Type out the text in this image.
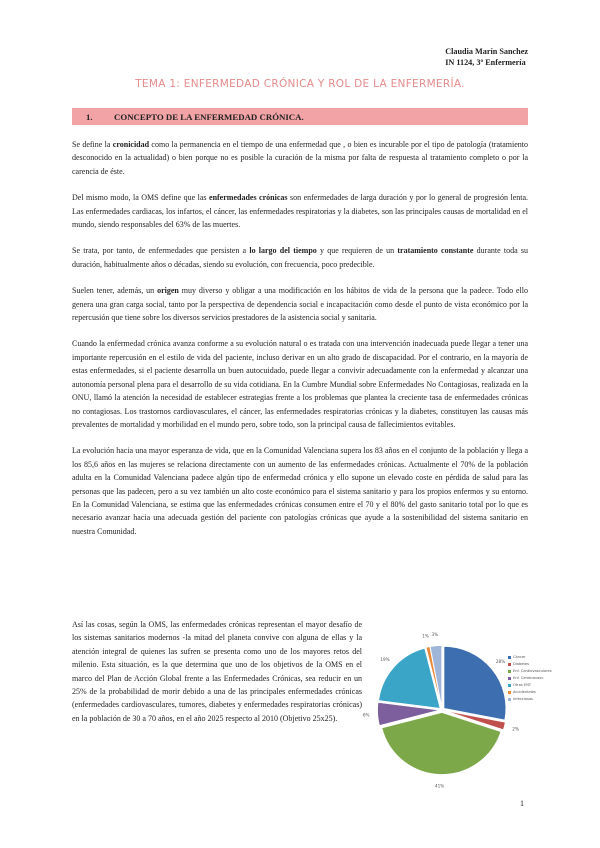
Claudia Marín Sanchez
IN 1124, 3º Enfermería
TEMA 1: ENFERMEDAD CRÓNICA Y ROL DE LA ENFERMERÍA.
1.	CONCEPTO DE LA ENFERMEDAD CRÓNICA.

Se define la cronicidad como la permanencia en el tiempo de una enfermedad que , o bien es incurable por el tipo de patología (tratamiento desconocido en la actualidad) o bien porque no es posible la curación de la misma por falta de respuesta al tratamiento completo o por la carencia de éste.

Del mismo modo, la OMS define que las enfermedades crónicas son enfermedades de larga duración y por lo general de progresión lenta. Las enfermedades cardiacas, los infartos, el cáncer, las enfermedades respiratorias y la diabetes, son las principales causas de mortalidad en el mundo, siendo responsables del 63% de las muertes.

Se trata, por tanto, de enfermedades que persisten a lo largo del tiempo y que requieren de un tratamiento constante durante toda su duración, habitualmente años o décadas, siendo su evolución, con frecuencia, poco predecible.

Suelen tener, además, un origen muy diverso y obligar a una modificación en los hábitos de vida de la persona que la padece. Todo ello genera una gran carga social, tanto por la perspectiva de dependencia social e incapacitación como desde el punto de vista económico por la repercusión que tiene sobre los diversos servicios prestadores de la asistencia social y sanitaria.

Cuando la enfermedad crónica avanza conforme a su evolución natural o es tratada con una intervención inadecuada puede llegar a tener una importante repercusión en el estilo de vida del paciente, incluso derivar en un alto grado de discapacidad. Por el contrario, en la mayoría de estas enfermedades, si el paciente desarrolla un buen autocuidado, puede llegar a convivir adecuadamente con la enfermedad y alcanzar una autonomía personal plena para el desarrollo de su vida cotidiana. En la Cumbre Mundial sobre Enfermedades No Contagiosas, realizada en la ONU, llamó la atención la necesidad de establecer estrategias frente a los problemas que plantea la creciente tasa de enfermedades crónicas no contagiosas. Los trastornos cardiovasculares, el cáncer, las enfermedades respiratorias crónicas y la diabetes, constituyen las causas más prevalentes de mortalidad y morbilidad en el mundo pero, sobre todo, son la principal causa de fallecimientos evitables.

La evolución hacia una mayor esperanza de vida, que en la Comunidad Valenciana supera los 83 años en el conjunto de la población y llega a los 85,6 años en las mujeres se relaciona directamente con un aumento de las enfermedades crónicas. Actualmente el 70% de la población adulta en la Comunidad Valenciana padece algún tipo de enfermedad crónica y ello supone un elevado coste en pérdida de salud para las personas que las padecen, pero a su vez también un alto coste económico para el sistema sanitario y para los propios enfermos y su entorno. En la Comunidad Valenciana, se estima que las enfermedades crónicas consumen entre el 70 y el 80% del gasto sanitario total por lo que es necesario avanzar hacia una adecuada gestión del paciente con patologías crónicas que ayude a la sostenibilidad del sistema sanitario en nuestra Comunidad.

Así las cosas, según la OMS, las enfermedades crónicas representan el mayor desafío de los sistemas sanitarios modernos -la mitad del planeta convive con alguna de ellas y la atención integral de quienes las sufren se presenta como uno de los mayores retos del milenio. Esta situación, es la que determina que uno de los objetivos de la OMS en el marco del Plan de Acción Global frente a las Enfermedades Crónicas, sea reducir en un 25% de la probabilidad de morir debido a una de las principales enfermedades crónicas (enfermedades cardiovasculares, tumores, diabetes y enfermedades respiratorias crónicas) en la población de 30 a 70 años, en el año 2025 respecto al 2010 (Objetivo 25x25).

28%
2%
41%
6%
19%
1% 3%
Cáncer
Diabetes
Enf. Cardiovasculares
Enf. Cerebrovasc.
Otras ENT
Accidentales
Infecciosas
1
